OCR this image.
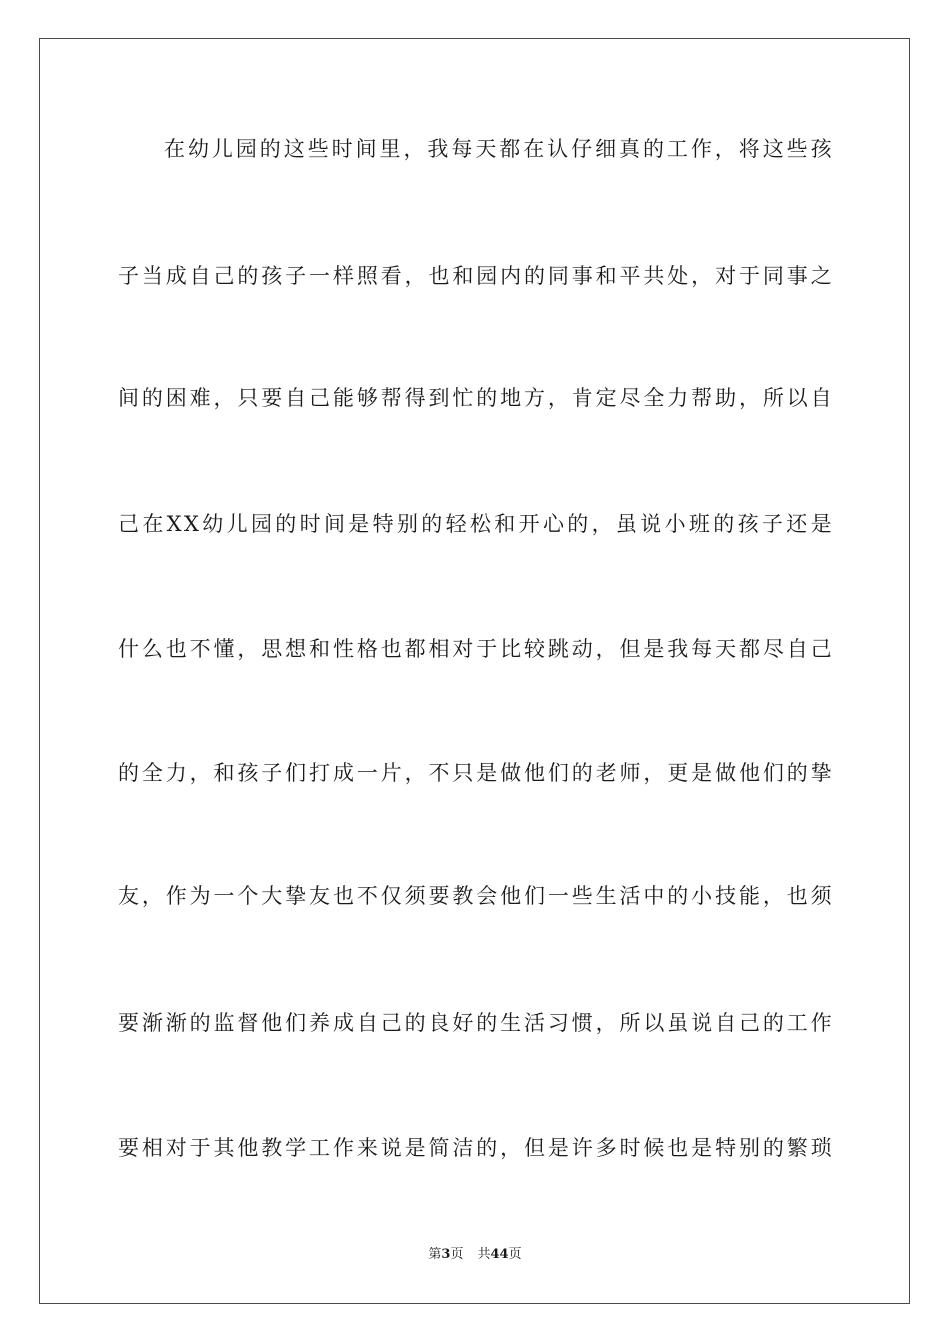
在幼儿园的这些时间里，我每天都在认仔细真的工作，将这些孩
子当成自己的孩子一样照看，也和园内的同事和平共处，对于同事之
间的困难，只要自己能够帮得到忙的地方，肯定尽全力帮助，所以自
己在XX幼儿园的时间是特别的轻松和开心的，虽说小班的孩子还是
什么也不懂，思想和性格也都相对于比较跳动，但是我每天都尽自己
的全力，和孩子们打成一片，不只是做他们的老师，更是做他们的挚
友，作为一个大挚友也不仅须要教会他们一些生活中的小技能，也须
要渐渐的监督他们养成自己的良好的生活习惯，所以虽说自己的工作
要相对于其他教学工作来说是简洁的，但是许多时候也是特别的繁琐
第3页 共44页
